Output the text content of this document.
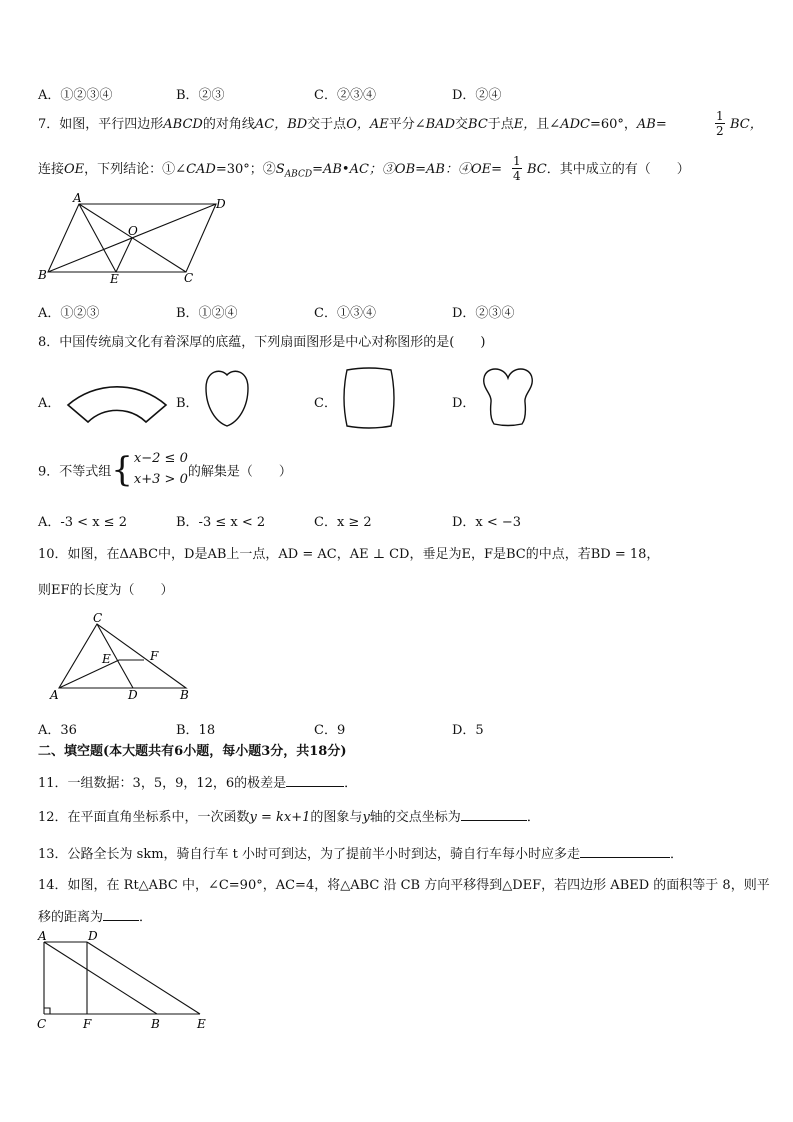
A．①②③④	B．②③	C．②③④	D．②④
7．如图，平行四边形ABCD的对角线AC，BD交于点O，AE平分∠BAD交BC于点E，且∠ADC=60°，AB=	$\frac{1}{2}$ BC，
连接OE，下列结论：①∠CAD=30°；$②S_{ABCD}=AB•AC$；③OB=AB：④OE= $\frac{1}{4}$ BC．其中成立的有（　　）
A	D
O
B	E	C
A．①②③	B．①②④	C．①③④	D．②③④
8．中国传统扇文化有着深厚的底蕴，下列扇面图形是中心对称图形的是(　　)
A．	B．	C．	D．
9．不等式组{ x−2 ≤ 0
x+3 > 0 的解集是（　　）
A．-3 < x ≤ 2	B．-3 ≤ x < 2	C．x ≥ 2	D．x < −3
10．如图，在ΔABC中，D是AB上一点，AD = AC，AE ⊥ CD，垂足为E，F是BC的中点，若BD = 18，
则EF的长度为（　　）
C
E	F
A	D	B
A．36	B．18	C．9	D．5
二、填空题(本大题共有6小题，每小题3分，共18分)
11．一组数据：3，5，9，12，6的极差是	．
12．在平面直角坐标系中，一次函数y = kx+1的图象与y轴的交点坐标为	．
13．公路全长为 skm，骑自行车 t 小时可到达，为了提前半小时到达，骑自行车每小时应多走	．
14．如图，在 Rt△ABC 中，∠C=90°，AC=4，将△ABC 沿 CB 方向平移得到△DEF，若四边形 ABED 的面积等于 8，则平
移的距离为	．
A	D
C	F	B	E
